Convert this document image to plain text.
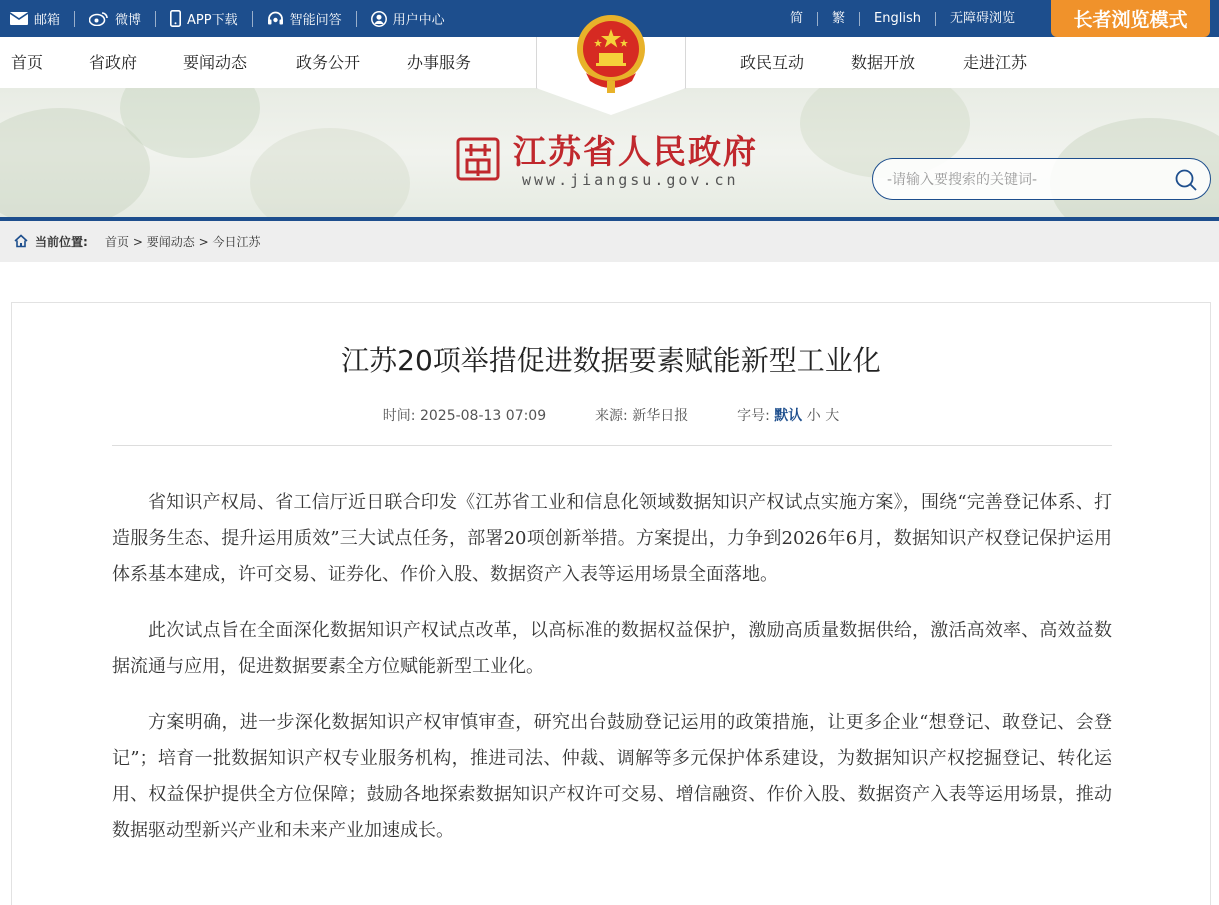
邮箱	微博	APP下载	智能问答	用户中心	简	繁	English	无障碍浏览	长者浏览模式
首页	省政府	要闻动态	政务公开	办事服务	政民互动	数据开放	走进江苏
江苏省人民政府
www.jiangsu.gov.cn
-请输入要搜索的关键词-
当前位置: 首页 > 要闻动态 > 今日江苏
江苏20项举措促进数据要素赋能新型工业化
时间: 2025-08-13 07:09	来源: 新华日报	字号: 默认 小 大

省知识产权局、省工信厅近日联合印发《江苏省工业和信息化领域数据知识产权试点实施方案》，围绕“完善登记体系、打造服务生态、提升运用质效”三大试点任务，部署20项创新举措。方案提出，力争到2026年6月，数据知识产权登记保护运用体系基本建成，许可交易、证券化、作价入股、数据资产入表等运用场景全面落地。

此次试点旨在全面深化数据知识产权试点改革，以高标准的数据权益保护，激励高质量数据供给，激活高效率、高效益数据流通与应用，促进数据要素全方位赋能新型工业化。

方案明确，进一步深化数据知识产权审慎审查，研究出台鼓励登记运用的政策措施，让更多企业“想登记、敢登记、会登记”；培育一批数据知识产权专业服务机构，推进司法、仲裁、调解等多元保护体系建设，为数据知识产权挖掘登记、转化运用、权益保护提供全方位保障；鼓励各地探索数据知识产权许可交易、增信融资、作价入股、数据资产入表等运用场景，推动数据驱动型新兴产业和未来产业加速成长。
